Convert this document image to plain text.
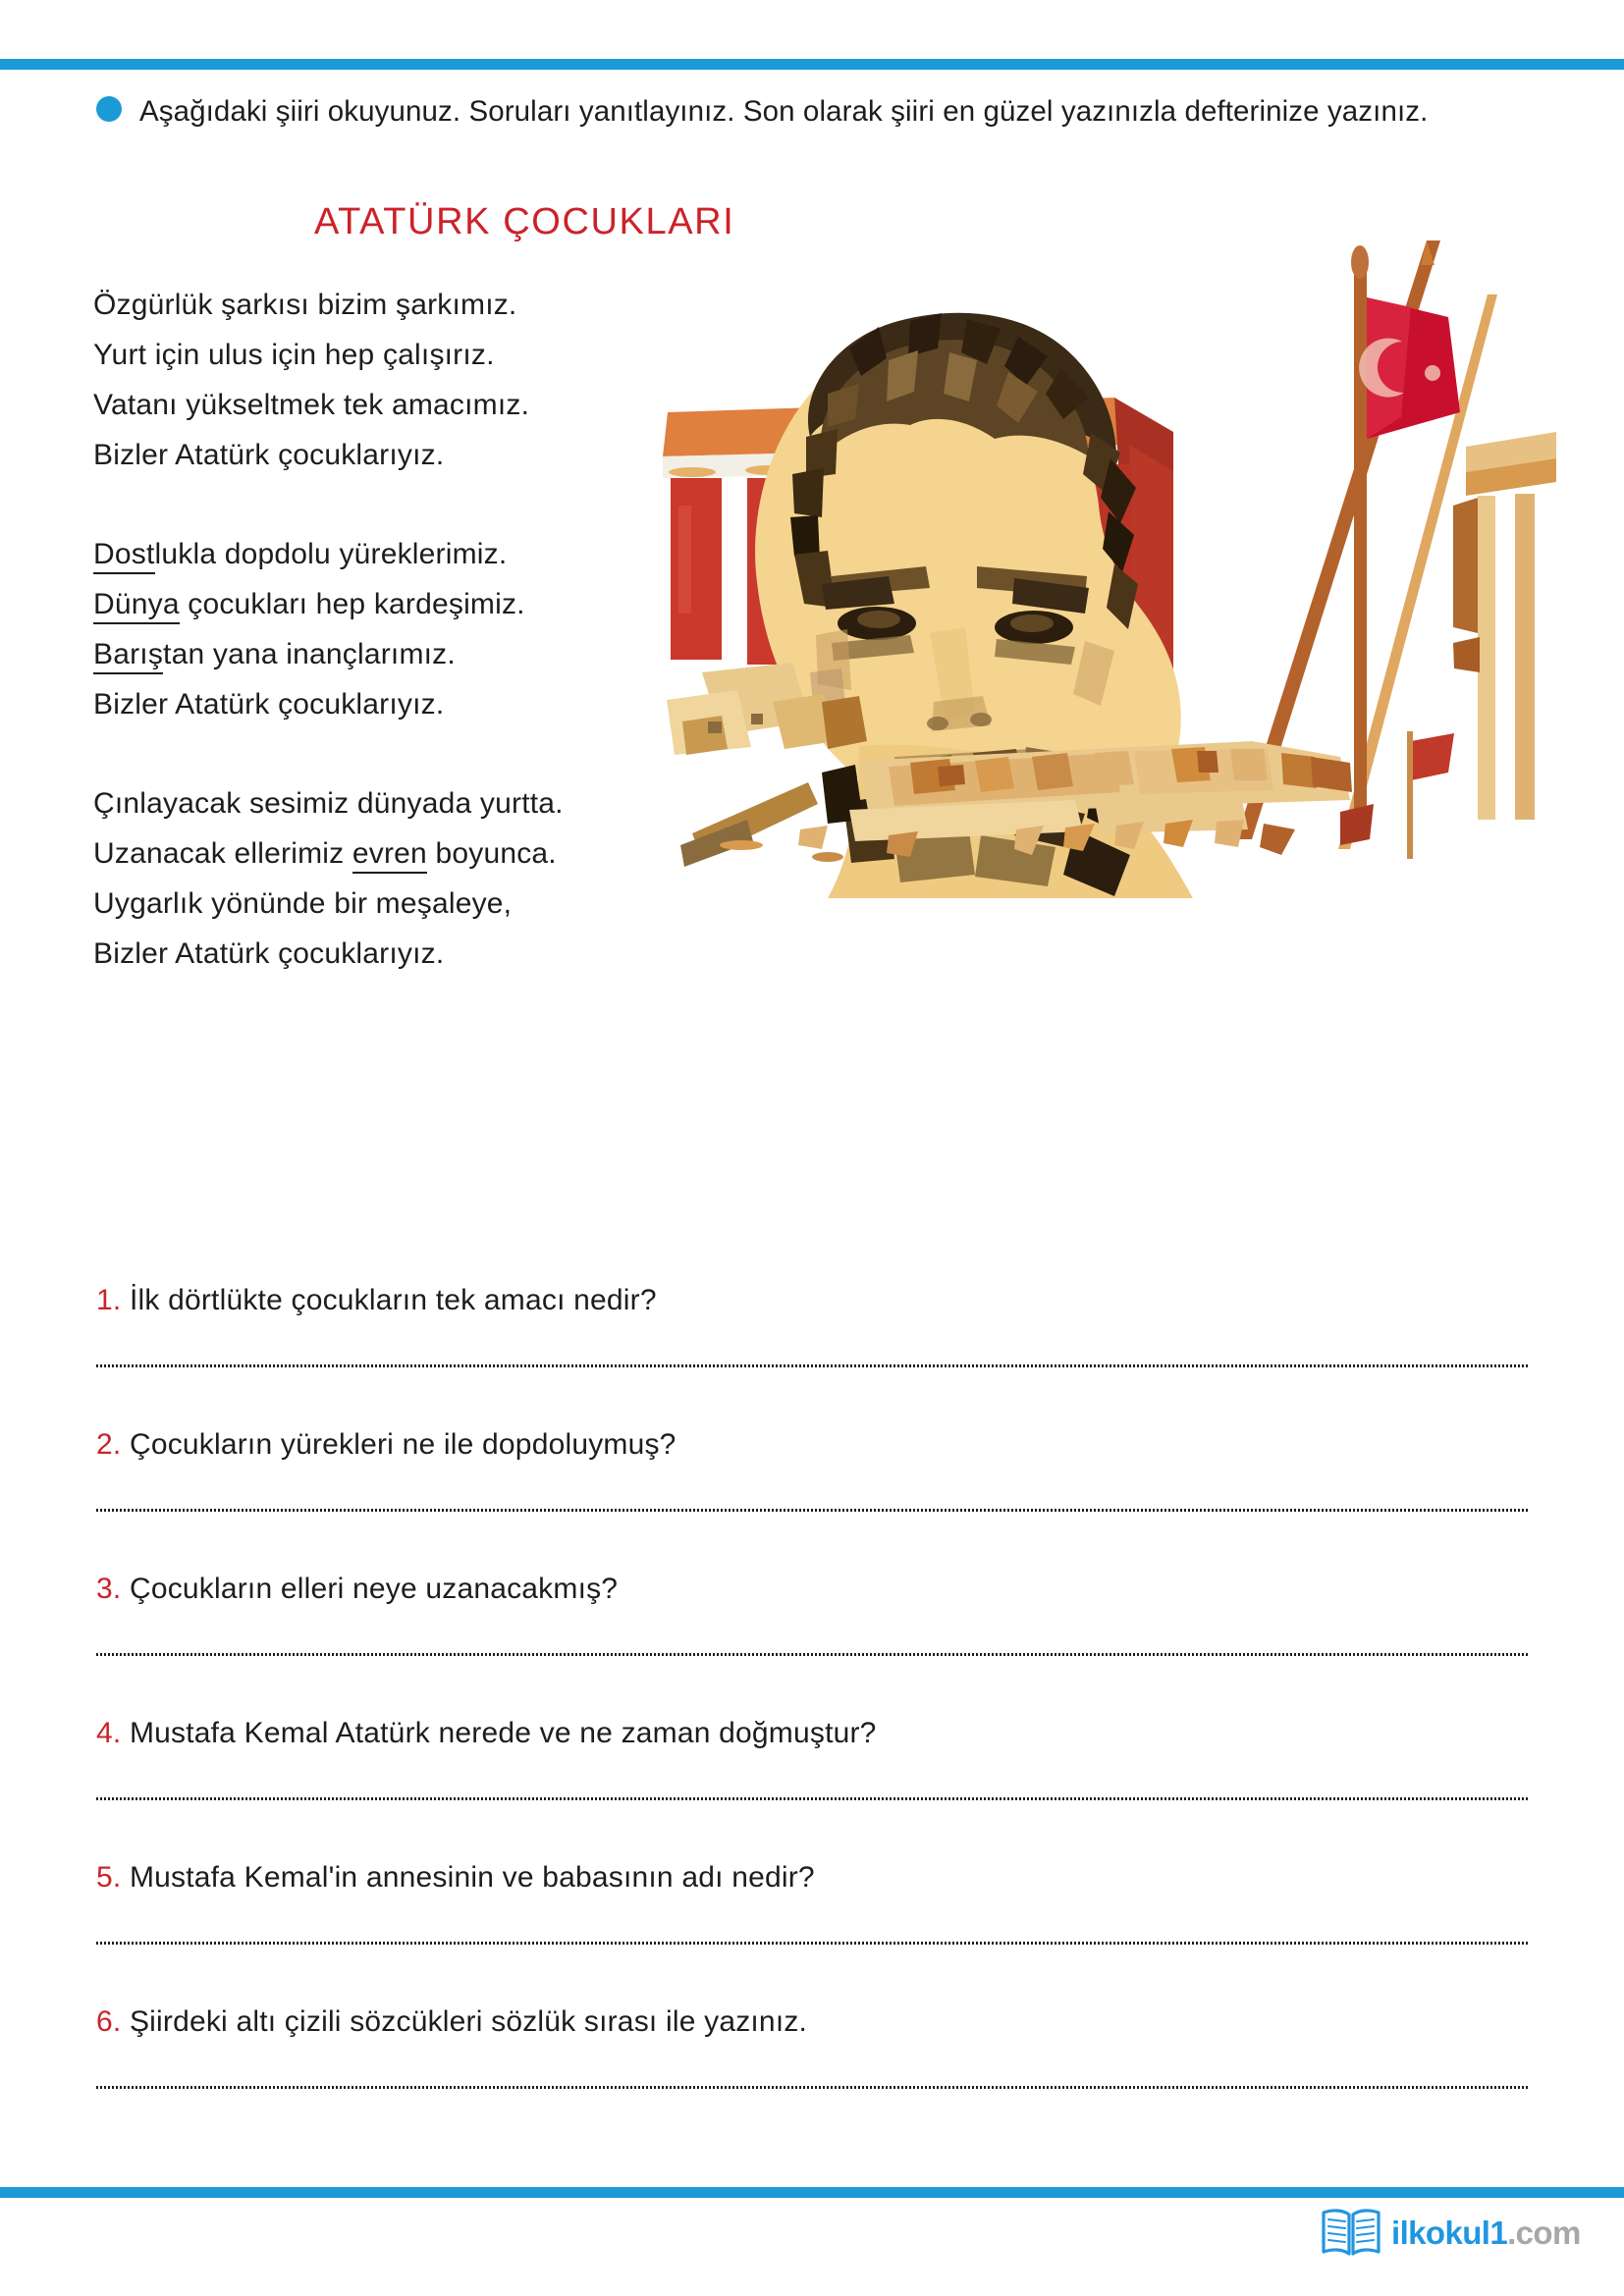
Aşağıdaki şiiri okuyunuz. Soruları yanıtlayınız. Son olarak şiiri en güzel yazınızla defterinize yazınız.
ATATÜRK ÇOCUKLARI
Özgürlük şarkısı bizim şarkımız.
Yurt için ulus için hep çalışırız.
Vatanı yükseltmek tek amacımız.
Bizler Atatürk çocuklarıyız.
Dostlukla dopdolu yüreklerimiz.
Dünya çocukları hep kardeşimiz.
Barıştan yana inançlarımız.
Bizler Atatürk çocuklarıyız.
Çınlayacak sesimiz dünyada yurtta.
Uzanacak ellerimiz evren boyunca.
Uygarlık yönünde bir meşaleye,
Bizler Atatürk çocuklarıyız.
1. İlk dörtlükte çocukların tek amacı nedir?
2. Çocukların yürekleri ne ile dopdoluymuş?
3. Çocukların elleri neye uzanacakmış?
4. Mustafa Kemal Atatürk nerede ve ne zaman doğmuştur?
5. Mustafa Kemal'in annesinin ve babasının adı nedir?
6. Şiirdeki altı çizili sözcükleri sözlük sırası ile yazınız.
ilkokul1.com
